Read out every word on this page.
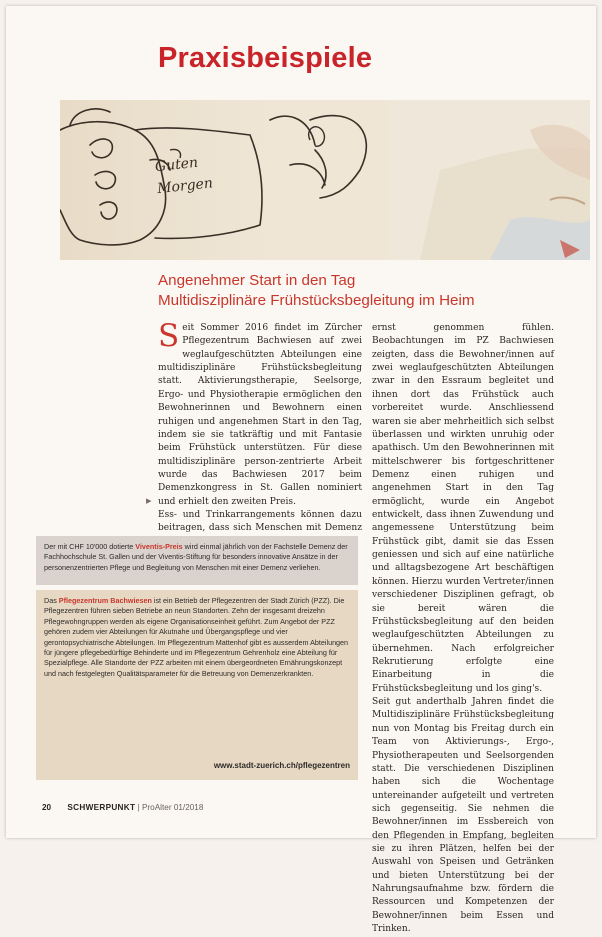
Praxisbeispiele
Guten Morgen
Angenehmer Start in den Tag
Multidisziplinäre Frühstücksbegleitung im Heim

Seit Sommer 2016 findet im Zürcher Pflegezentrum Bachwiesen auf zwei weglaufgeschützten Abteilungen eine multidisziplinäre Frühstücksbegleitung statt. Aktivierungstherapie, Seelsorge, Ergo- und Physiotherapie ermöglichen den Bewohnerinnen und Bewohnern einen ruhigen und angenehmen Start in den Tag, indem sie sie tatkräftig und mit Fantasie beim Frühstück unterstützen. Für diese multidisziplinäre person-zentrierte Arbeit wurde das Bachwiesen 2017 beim Demenzkongress in St. Gallen nominiert und erhielt den zweiten Preis.

Ess- und Trinkarrangements können dazu beitragen, dass sich Menschen mit Demenz

▸

ernst genommen fühlen. Beobachtungen im PZ Bachwiesen zeigten, dass die Bewohner/innen auf zwei weglaufgeschützten Abteilungen zwar in den Essraum begleitet und ihnen dort das Frühstück auch vorbereitet wurde. Anschliessend waren sie aber mehrheitlich sich selbst überlassen und wirkten unruhig oder apathisch. Um den Bewohnerinnen mit mittelschwerer bis fortgeschrittener Demenz einen ruhigen und angenehmen Start in den Tag ermöglicht, wurde ein Angebot entwickelt, dass ihnen Zuwendung und angemessene Unterstützung beim Frühstück gibt, damit sie das Essen geniessen und sich auf eine natürliche und alltagsbezogene Art beschäftigen können. Hierzu wurden Vertreter/innen verschiedener Disziplinen gefragt, ob sie bereit wären die Frühstücksbegleitung auf den beiden weglaufgeschützten Abteilungen zu übernehmen. Nach erfolgreicher Rekrutierung erfolgte eine Einarbeitung in die Frühstücksbegleitung und los ging's.

Seit gut anderthalb Jahren findet die Multidisziplinäre Frühstücksbegleitung nun von Montag bis Freitag durch ein Team von Aktivierungs-, Ergo-, Physiotherapeuten und Seelsorgenden statt. Die verschiedenen Disziplinen haben sich die Wochentage untereinander aufgeteilt und vertreten sich gegenseitig. Sie nehmen die Bewohner/innen im Essbereich von den Pflegenden in Empfang, begleiten sie zu ihren Plätzen, helfen bei der Auswahl von Speisen und Getränken und bieten Unterstützung bei der Nahrungsaufnahme bzw. fördern die Ressourcen und Kompetenzen der Bewohner/innen beim Essen und Trinken.

Der mit CHF 10'000 dotierte Viventis-Preis wird einmal jährlich von der Fachstelle Demenz der Fachhochschule St. Gallen und der Viventis-Stiftung für besonders innovative Ansätze in der personenzentrierten Pflege und Begleitung von Menschen mit einer Demenz verliehen.
Das Pflegezentrum Bachwiesen ist ein Betrieb der Pflegezentren der Stadt Zürich (PZZ). Die Pflegezentren führen sieben Betriebe an neun Standorten. Zehn der insgesamt dreizehn Pflegewohngruppen werden als eigene Organisationseinheit geführt. Zum Angebot der PZZ gehören zudem vier Abteilungen für Akutnahe und Übergangspflege und vier gerontopsychiatrische Abteilungen. Im Pflegezentrum Mattenhof gibt es ausserdem Abteilungen für jüngere pflegebedürftige Behinderte und im Pflegezentrum Gehrenholz eine Abteilung für Spezialpflege. Alle Standorte der PZZ arbeiten mit einem übergeordneten Ernährungskonzept und nach festgelegten Qualitätsparameter für die Betreuung von Demenzerkrankten.
www.stadt-zuerich.ch/pflegezentren
20 SCHWERPUNKT | ProAlter 01/2018
